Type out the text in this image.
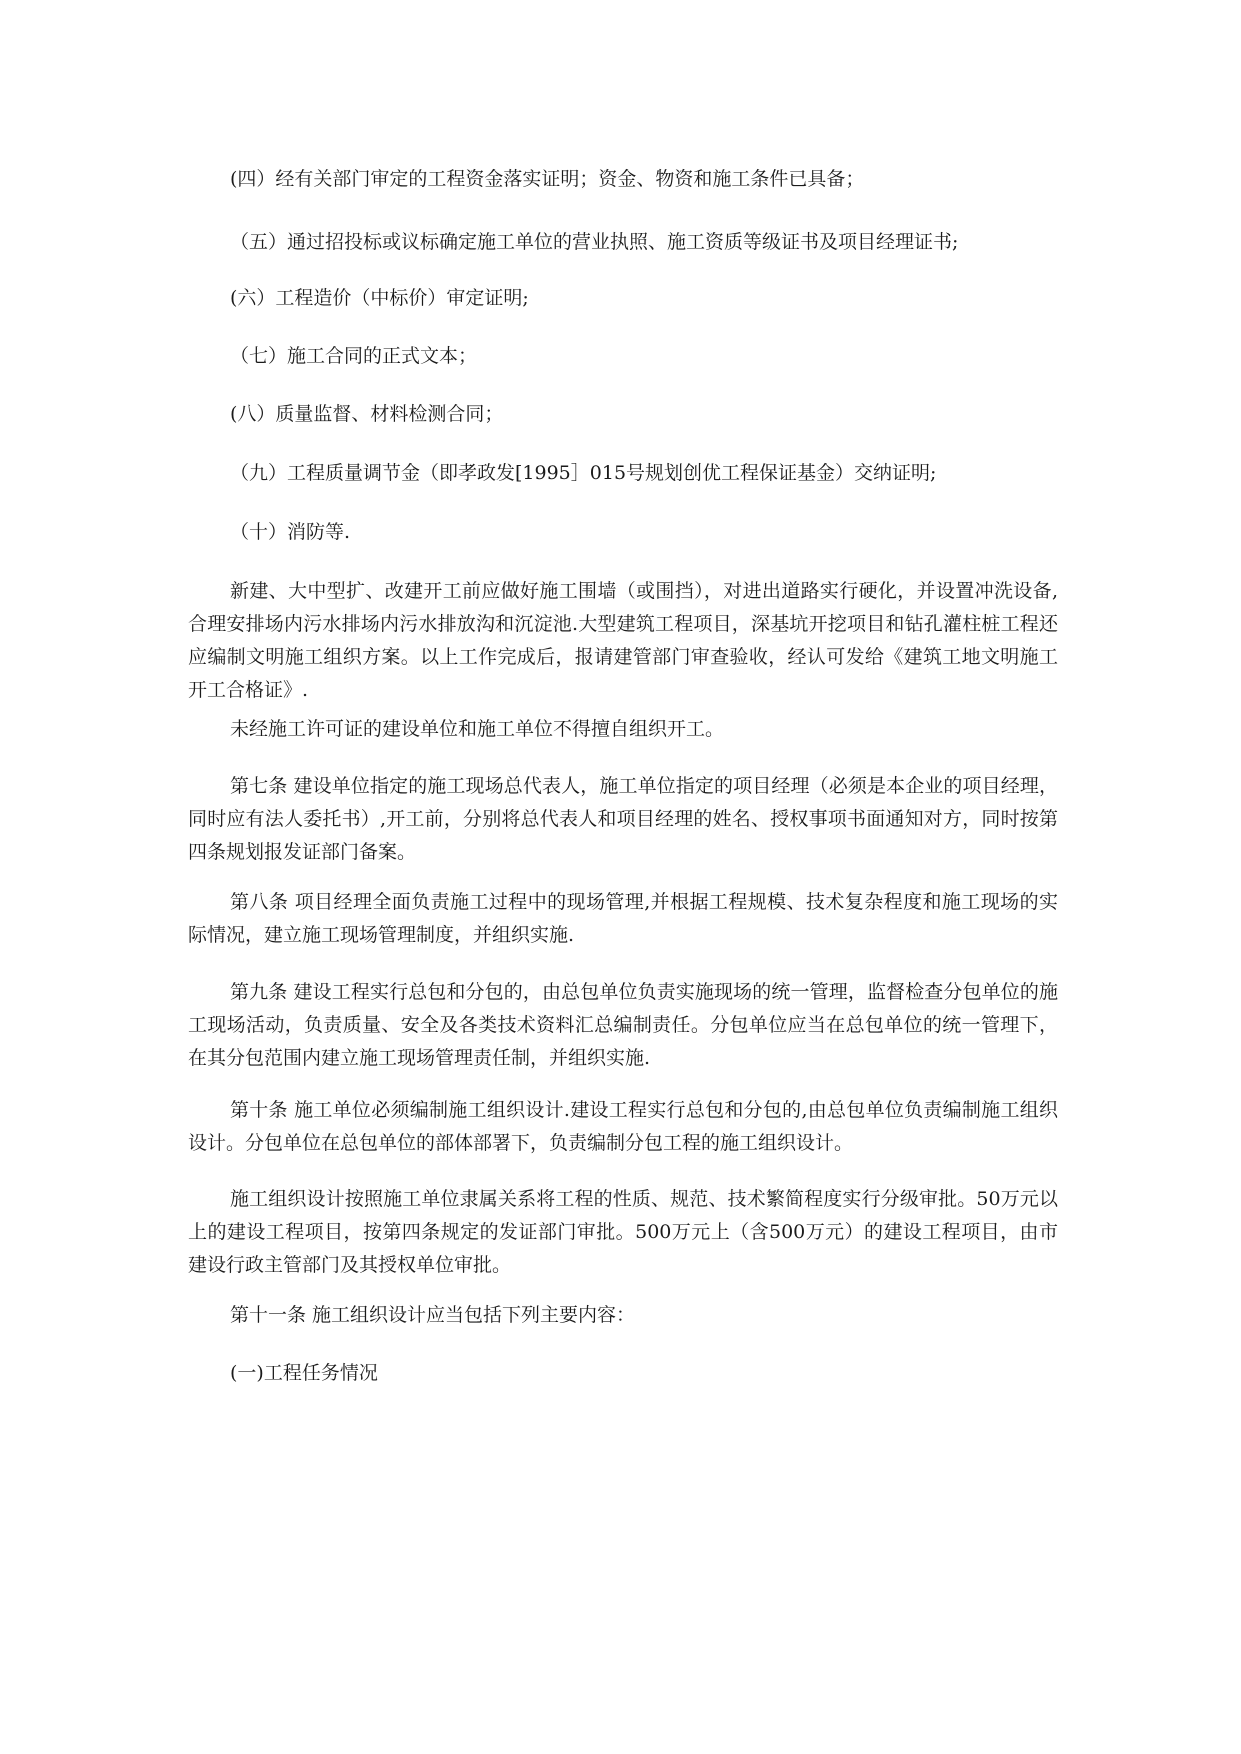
(四）经有关部门审定的工程资金落实证明；资金、物资和施工条件已具备；

（五）通过招投标或议标确定施工单位的营业执照、施工资质等级证书及项目经理证书;

(六）工程造价（中标价）审定证明;

（七）施工合同的正式文本；

(八）质量监督、材料检测合同；

（九）工程质量调节金（即孝政发[1995］015号规划创优工程保证基金）交纳证明;

（十）消防等.

新建、大中型扩、改建开工前应做好施工围墙（或围挡），对进出道路实行硬化，并设置冲洗设备,合理安排场内污水排场内污水排放沟和沉淀池.大型建筑工程项目，深基坑开挖项目和钻孔灌柱桩工程还应编制文明施工组织方案。以上工作完成后，报请建管部门审查验收，经认可发给《建筑工地文明施工开工合格证》.

未经施工许可证的建设单位和施工单位不得擅自组织开工。

第七条 建设单位指定的施工现场总代表人，施工单位指定的项目经理（必须是本企业的项目经理，同时应有法人委托书）,开工前，分别将总代表人和项目经理的姓名、授权事项书面通知对方，同时按第四条规划报发证部门备案。

第八条 项目经理全面负责施工过程中的现场管理,并根据工程规模、技术复杂程度和施工现场的实际情况，建立施工现场管理制度，并组织实施.

第九条 建设工程实行总包和分包的，由总包单位负责实施现场的统一管理，监督检查分包单位的施工现场活动，负责质量、安全及各类技术资料汇总编制责任。分包单位应当在总包单位的统一管理下，在其分包范围内建立施工现场管理责任制，并组织实施.

第十条 施工单位必须编制施工组织设计.建设工程实行总包和分包的,由总包单位负责编制施工组织设计。分包单位在总包单位的部体部署下，负责编制分包工程的施工组织设计。

施工组织设计按照施工单位隶属关系将工程的性质、规范、技术繁简程度实行分级审批。50万元以上的建设工程项目，按第四条规定的发证部门审批。500万元上（含500万元）的建设工程项目，由市建设行政主管部门及其授权单位审批。

第十一条 施工组织设计应当包括下列主要内容：

(一)工程任务情况
